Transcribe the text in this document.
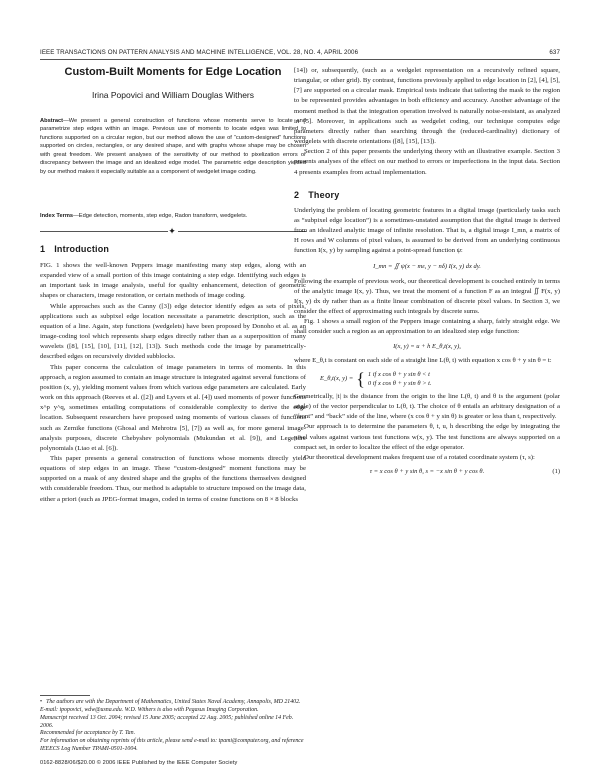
IEEE TRANSACTIONS ON PATTERN ANALYSIS AND MACHINE INTELLIGENCE, VOL. 28, NO. 4, APRIL 2006	637
Custom-Built Moments for Edge Location
Irina Popovici and William Douglas Withers
Abstract—We present a general construction of functions whose moments serve to locate and parametrize step edges within an image. Previous use of moments to locate edges was limited to functions supported on a circular region, but our method allows the use of “custom-designed” functions supported on circles, rectangles, or any desired shape, and with graphs whose shape may be chosen with great freedom. We present analyses of the sensitivity of our method to pixelization errors or discrepancy between the image and an idealized edge model. The parametric edge description yielded by our method makes it especially suitable as a component of wedgelet image coding.
Index Terms—Edge detection, moments, step edge, Radon transform, wedgelets.
✦
1 Introduction

FIG. 1 shows the well-known Peppers image manifesting many step edges, along with an expanded view of a small portion of this image containing a step edge. Identifying such edges is an important task in image analysis, useful for quality enhancement, detection of geometric shapes or characters, image restoration, or certain methods of image coding.

While approaches such as the Canny ([3]) edge detector identify edges as sets of pixels, applications such as subpixel edge location necessitate a parametric description, such as the equation of a line. Again, step functions (wedgelets) have been proposed by Donoho et al. as an image-coding tool which represents sharp edges directly rather than as a superposition of many wavelets ([8], [15], [10], [11], [12], [13]). Such methods code the image by parametrically-described edges on recursively divided subblocks.

This paper concerns the calculation of image parameters in terms of moments. In this approach, a region assumed to contain an image structure is integrated against several functions of position (x, y), yielding moment values from which various edge parameters are calculated. Early work on this approach (Reeves et al. ([2]) and Lyvers et al. [4]) used moments of power functions x^p y^q, sometimes entailing computations of considerable complexity to derive the edge location. Subsequent researchers have proposed using moments of various classes of functions such as Zernike functions (Ghosal and Mehrotra [5], [7]) as well as, for more general image-analysis purposes, discrete Chebyshev polynomials (Mukundan et al. [9]), and Legendre polynomials (Liao et al. [6]).

This paper presents a general construction of functions whose moments directly yield equations of step edges in an image. These “custom-designed” moment functions may be supported on a mask of any desired shape and the graphs of the functions themselves designed with considerable freedom. Thus, our method is adaptable to structure imposed on the image data, either a priori (such as JPEG-format images, coded in terms of cosine functions on 8 × 8 blocks

• The authors are with the Department of Mathematics, United States Naval Academy, Annapolis, MD 21402. E-mail: ipopovici, wdw@usna.edu. W.D. Withers is also with Pegasus Imaging Corporation.
Manuscript received 13 Oct. 2004; revised 15 June 2005; accepted 22 Aug. 2005; published online 14 Feb. 2006.
Recommended for acceptance by T. Tan.
For information on obtaining reprints of this article, please send e-mail to: tpami@computer.org, and reference IEEECS Log Number TPAMI-0501-1004.
0162-8828/06/$20.00 © 2006 IEEE Published by the IEEE Computer Society

[14]) or, subsequently, (such as a wedgelet representation on a recursively refined square, triangular, or other grid). By contrast, functions previously applied to edge location in [2], [4], [5], [7] are supported on a circular mask. Empirical tests indicate that tailoring the mask to the region to be represented provides advantages in both efficiency and accuracy. Another advantage of the moment method is that the integration operation involved is naturally noise-resistant, as analyzed in [5]. Moreover, in applications such as wedgelet coding, our technique computes edge parameters directly rather than searching through the (reduced-cardinality) dictionary of wedgelets with discrete orientations ([8], [15], [13]).

Section 2 of this paper presents the underlying theory with an illustrative example. Section 3 presents analyses of the effect on our method to errors or imperfections in the input data. Section 4 presents examples from actual implementation.

2 Theory

Underlying the problem of locating geometric features in a digital image (particularly tasks such as “subpixel edge location”) is a sometimes-unstated assumption that the digital image is derived from an idealized analytic image of infinite resolution. That is, a digital image I_mn, a matrix of H rows and W columns of pixel values, is assumed to be derived from an underlying continuous function I(x, y) by sampling against a point-spread function ψ:

I_mn = ∬ ψ(x − mε, y − nδ) I(x, y) dx dy.

Following the example of previous work, our theoretical development is couched entirely in terms of the analytic image I(x, y). Thus, we treat the moment of a function F as an integral ∬ F(x, y) I(x, y) dx dy rather than as a finite linear combination of discrete pixel values. In Section 3, we consider the effect of approximating such integrals by discrete sums.

Fig. 1 shows a small region of the Peppers image containing a sharp, fairly straight edge. We shall consider such a region as an approximation to an idealized step edge function:

I(x, y) = u + h E_θ,t(x, y),

where E_θ,t is constant on each side of a straight line L(θ, t) with equation x cos θ + y sin θ = t:

E_θ,t(x, y) = { 1 if x cos θ + y sin θ < t
0 if x cos θ + y sin θ > t.

Geometrically, |t| is the distance from the origin to the line L(θ, t) and θ is the argument (polar angle) of the vector perpendicular to L(θ, t). The choice of θ entails an arbitrary designation of a “front” and “back” side of the line, where (x cos θ + y sin θ) is greater or less than t, respectively.

Our approach is to determine the parameters θ, t, u, h describing the edge by integrating the pixel values against various test functions w(x, y). The test functions are always supported on a compact set, in order to localize the effect of the edge operator.

Our theoretical development makes frequent use of a rotated coordinate system (τ, s):

τ = x cos θ + y sin θ, s = −x sin θ + y cos θ.	(1)
